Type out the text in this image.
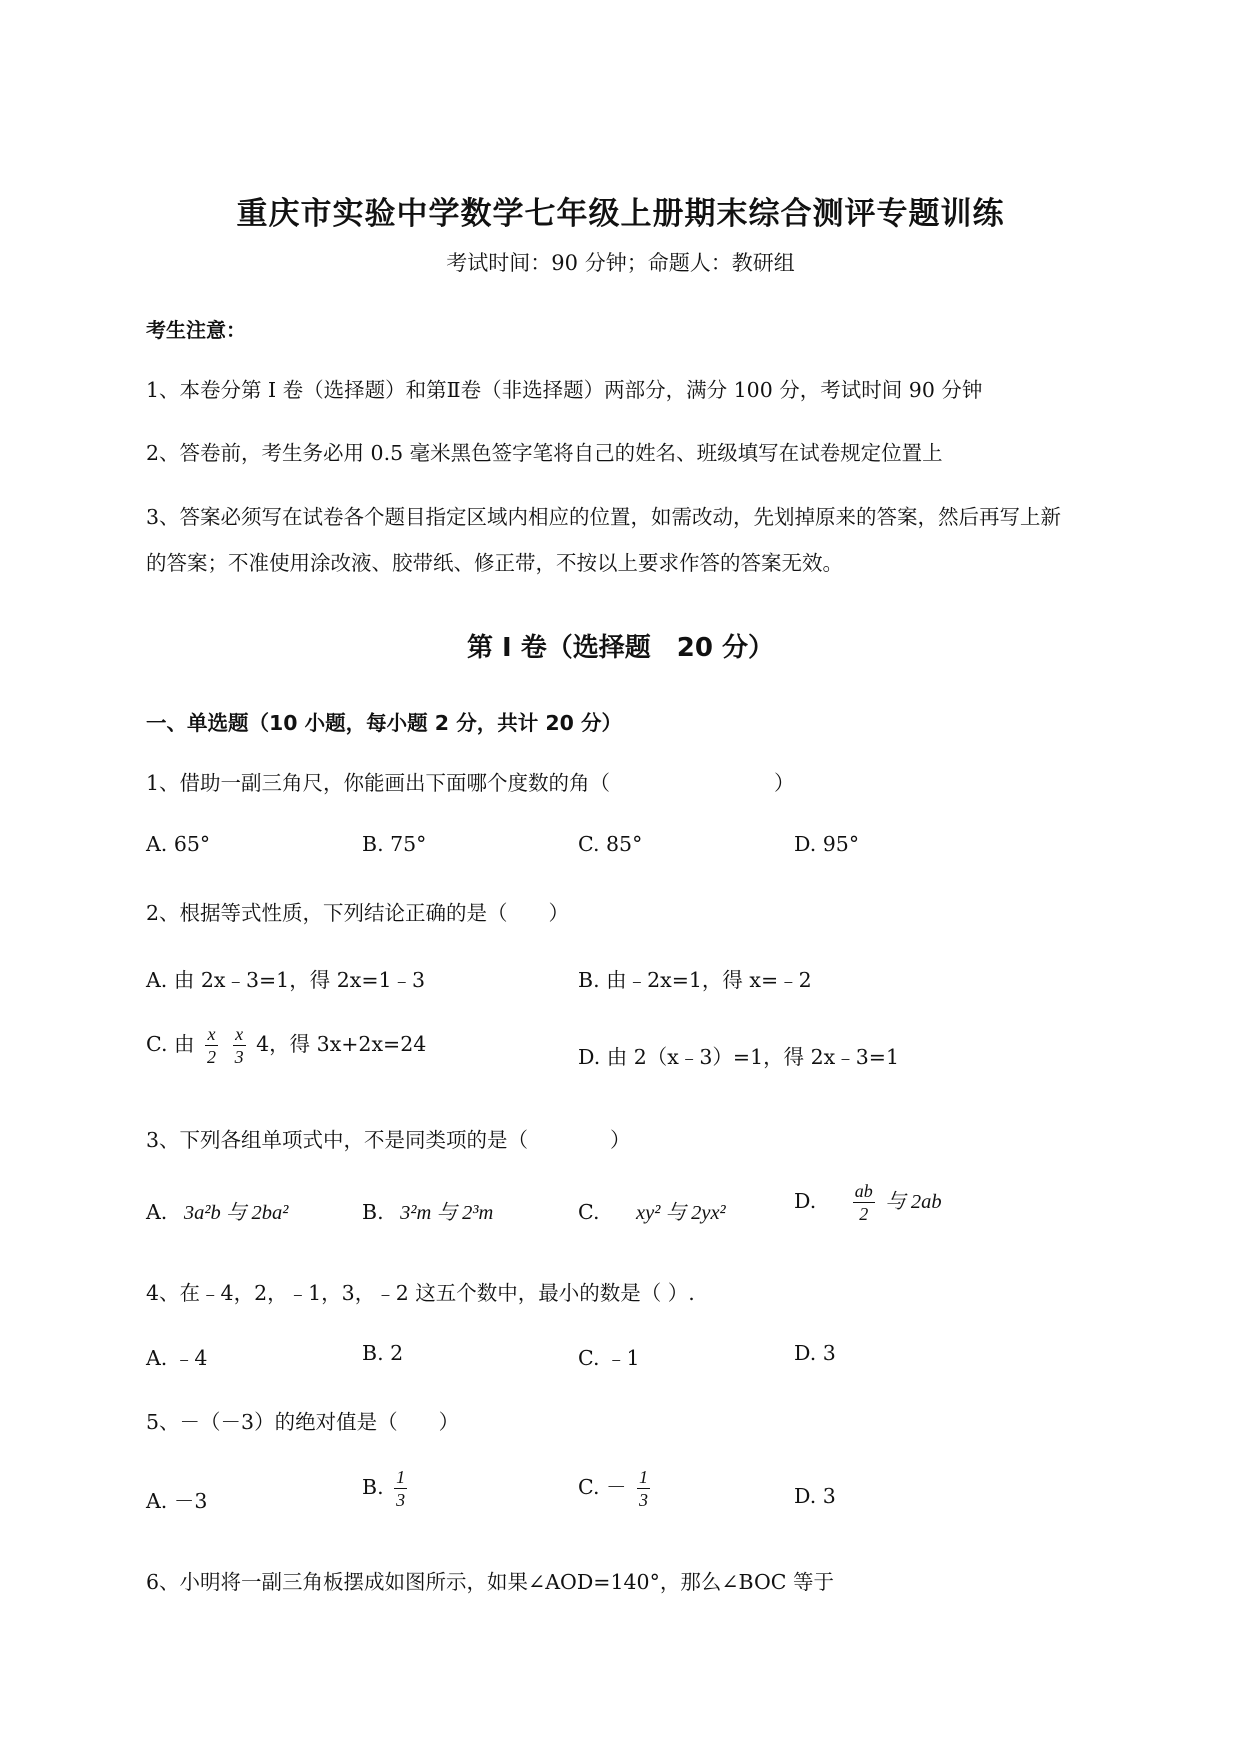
重庆市实验中学数学七年级上册期末综合测评专题训练
考试时间：90 分钟；命题人：教研组
考生注意：
1、本卷分第 I 卷（选择题）和第Ⅱ卷（非选择题）两部分，满分 100 分，考试时间 90 分钟
2、答卷前，考生务必用 0.5 毫米黑色签字笔将自己的姓名、班级填写在试卷规定位置上
3、答案必须写在试卷各个题目指定区域内相应的位置，如需改动，先划掉原来的答案，然后再写上新
的答案；不准使用涂改液、胶带纸、修正带，不按以上要求作答的答案无效。
第 I 卷（选择题　20 分）
一、单选题（10 小题，每小题 2 分，共计 20 分）
1、借助一副三角尺，你能画出下面哪个度数的角（　　　　　　　　）
A. 65°	B. 75°	C. 85°	D. 95°
2、根据等式性质，下列结论正确的是（　　）
A. 由 2x﹣3=1，得 2x=1﹣3	B. 由﹣2x=1，得 x=﹣2
C. 由 $\frac{x}{2}$
$\frac{x}{3} 4$，得 3x+2x=24
D. 由 2（x﹣3）=1，得 2x﹣3=1
3、下列各组单项式中，不是同类项的是（　　　　）
A. 3a²b 与 2ba²	B. 3²m 与 2³m	C. xy² 与 2yx²	D. $\frac{ab}{2}$ 与 2ab
4、在﹣4，2，﹣1，3，﹣2 这五个数中，最小的数是（ ）.
A. ﹣4	B. 2	C. ﹣1	D. 3
5、－（－3）的绝对值是（　　）
A. －3
B. $\frac{1}{3}$	C. － $\frac{1}{3}$	D. 3
6、小明将一副三角板摆成如图所示，如果∠AOD=140°，那么∠BOC 等于
